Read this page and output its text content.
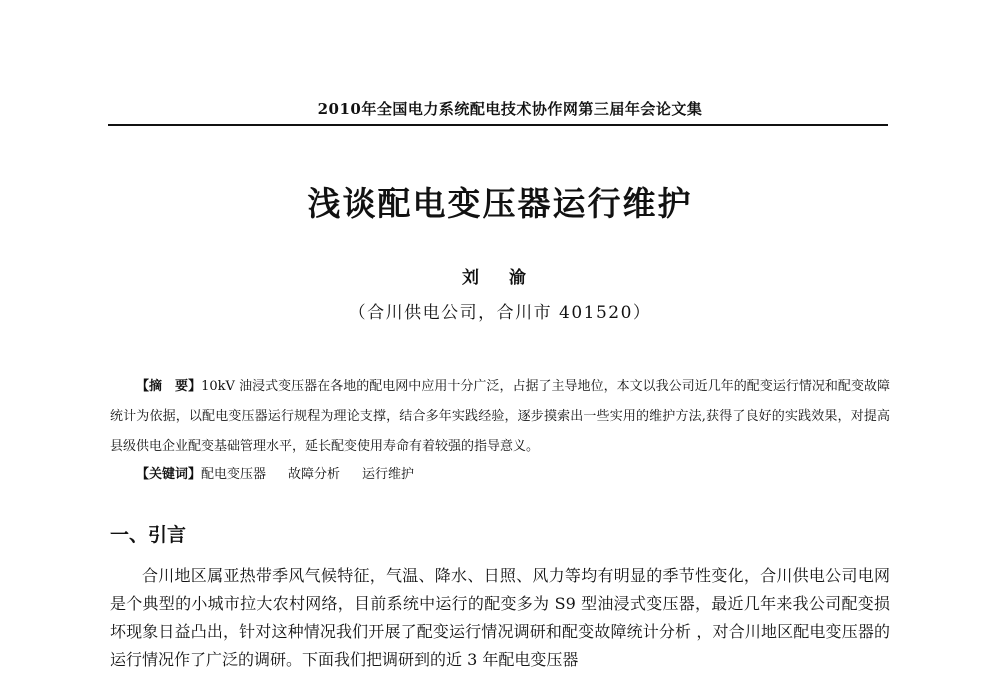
2010年全国电力系统配电技术协作网第三届年会论文集
浅谈配电变压器运行维护
刘 渝
（合川供电公司，合川市 401520）

【摘　要】10kV 油浸式变压器在各地的配电网中应用十分广泛，占据了主导地位，本文以我公司近几年的配变运行情况和配变故障统计为依据，以配电变压器运行规程为理论支撑，结合多年实践经验，逐步摸索出一些实用的维护方法,获得了良好的实践效果，对提高县级供电企业配变基础管理水平，延长配变使用寿命有着较强的指导意义。

【关键词】配电变压器 故障分析 运行维护
一、引言

合川地区属亚热带季风气候特征，气温、降水、日照、风力等均有明显的季节性变化，合川供电公司电网是个典型的小城市拉大农村网络，目前系统中运行的配变多为 S9 型油浸式变压器，最近几年来我公司配变损坏现象日益凸出，针对这种情况我们开展了配变运行情况调研和配变故障统计分析 ，对合川地区配电变压器的运行情况作了广泛的调研。下面我们把调研到的近 3 年配电变压器
